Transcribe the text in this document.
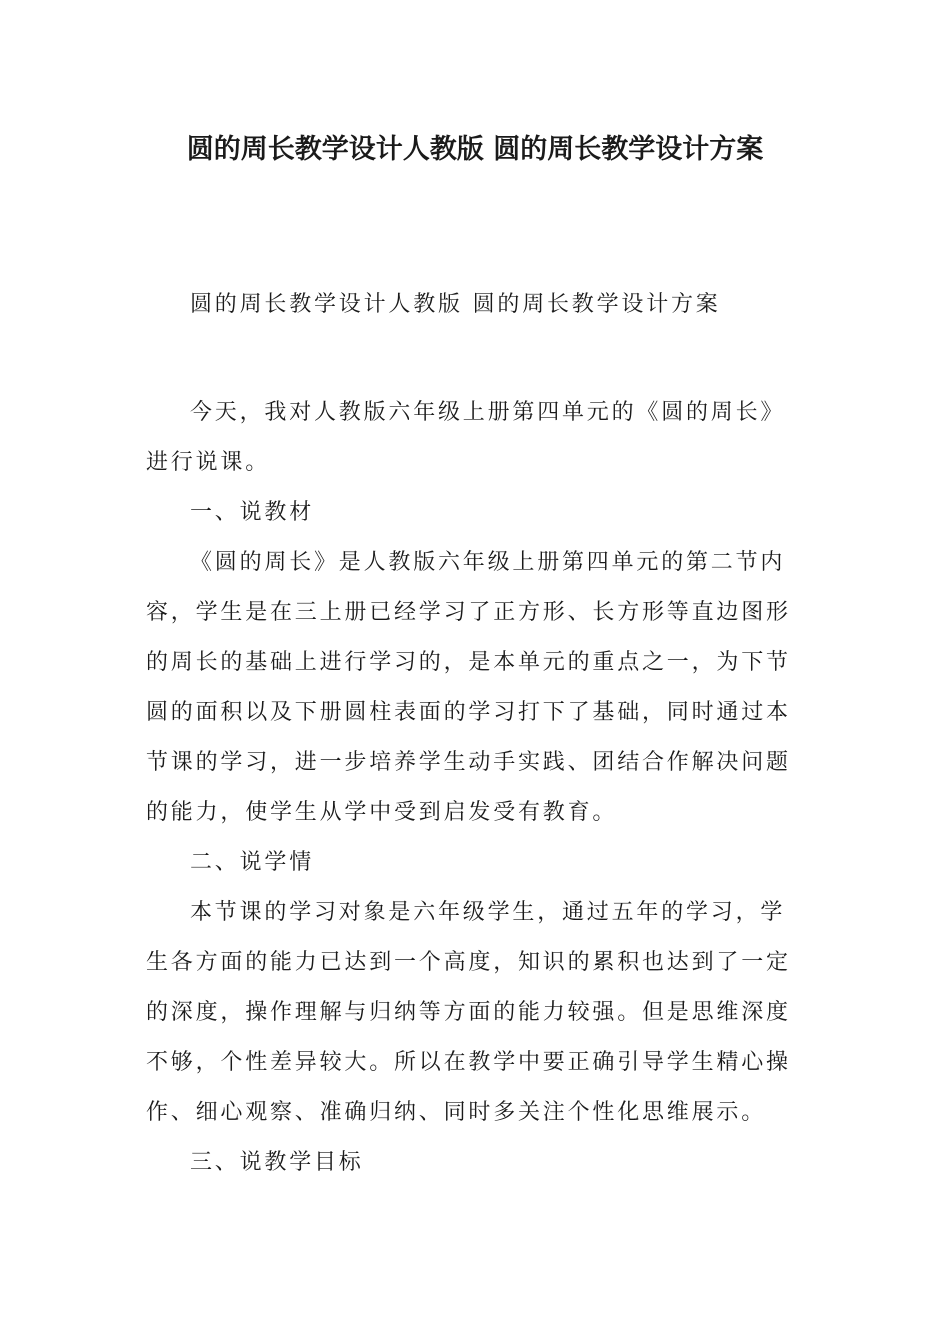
圆的周长教学设计人教版 圆的周长教学设计方案

圆的周长教学设计人教版 圆的周长教学设计方案

今天，我对人教版六年级上册第四单元的《圆的周长》进行说课。

一、说教材

《圆的周长》是人教版六年级上册第四单元的第二节内容，学生是在三上册已经学习了正方形、长方形等直边图形的周长的基础上进行学习的，是本单元的重点之一，为下节圆的面积以及下册圆柱表面的学习打下了基础，同时通过本节课的学习，进一步培养学生动手实践、团结合作解决问题的能力，使学生从学中受到启发受有教育。

二、说学情

本节课的学习对象是六年级学生，通过五年的学习，学生各方面的能力已达到一个高度，知识的累积也达到了一定的深度，操作理解与归纳等方面的能力较强。但是思维深度不够，个性差异较大。所以在教学中要正确引导学生精心操作、细心观察、准确归纳、同时多关注个性化思维展示。

三、说教学目标
